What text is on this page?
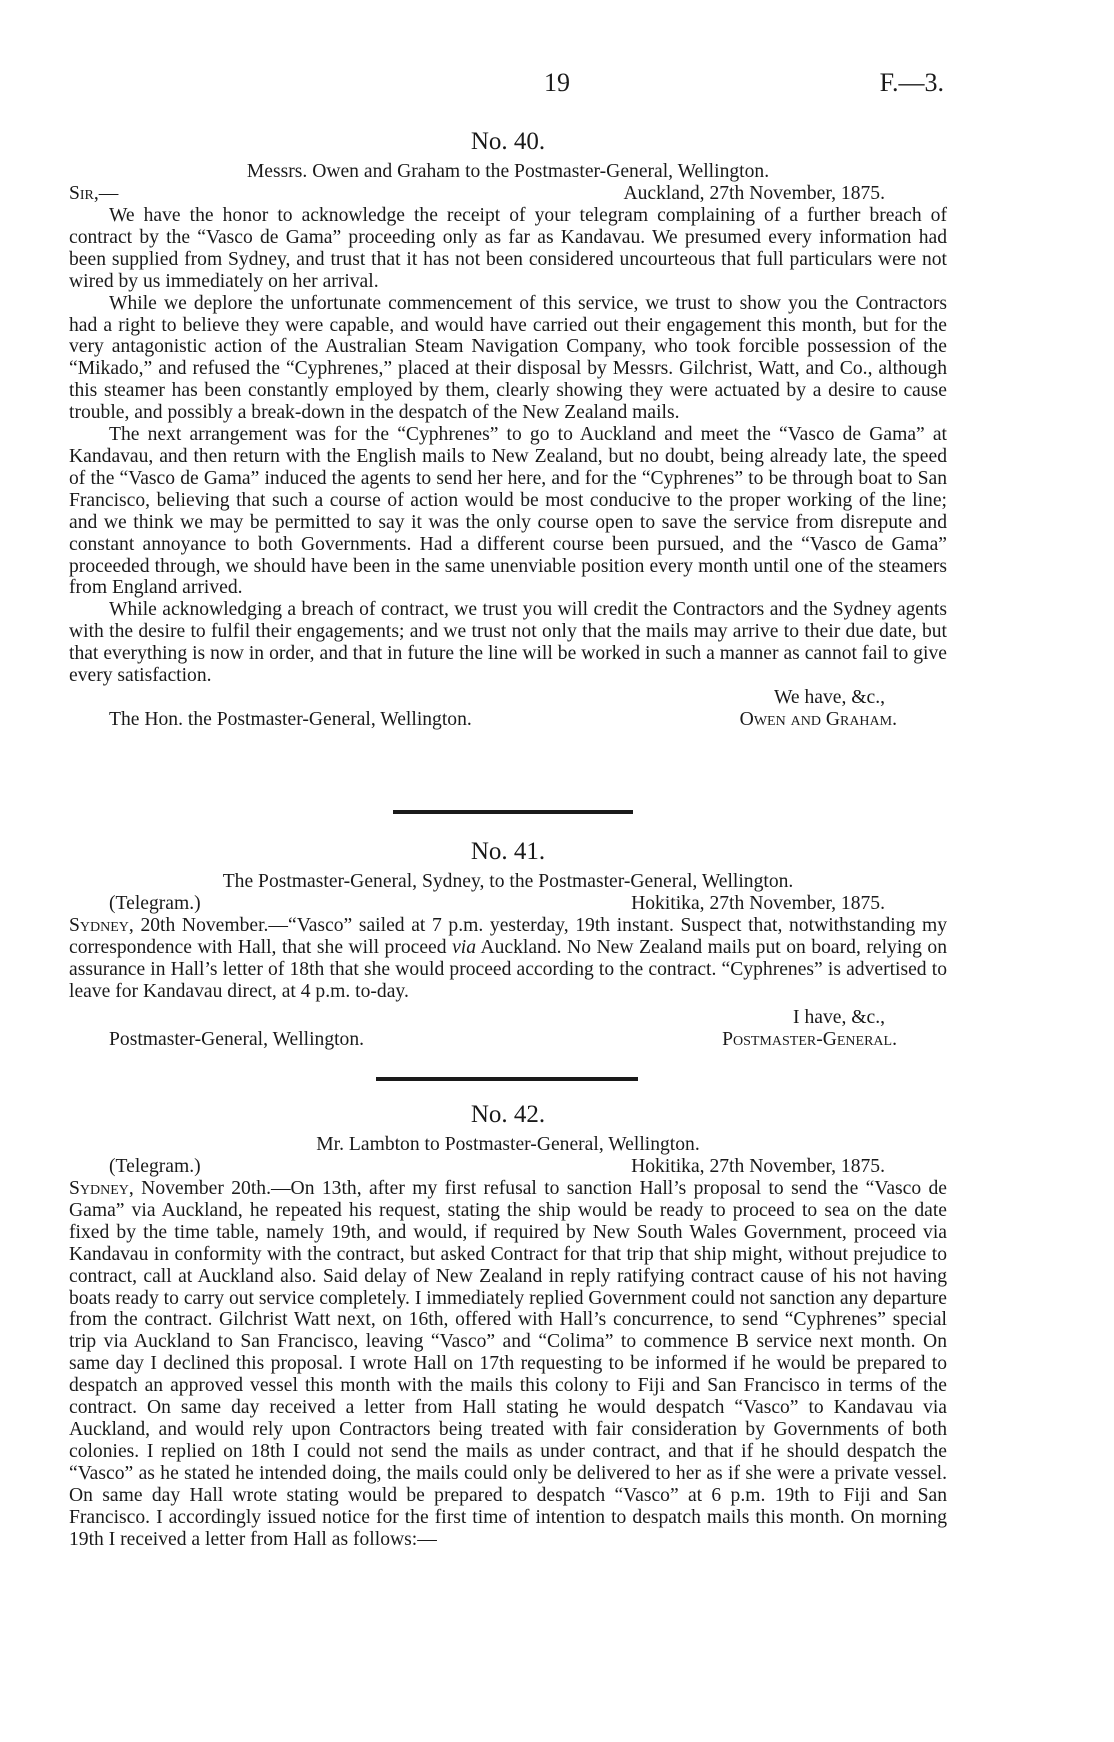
19	F.—3.
No. 40.
Messrs. Owen and Graham to the Postmaster-General, Wellington.
Sir,—	Auckland, 27th November, 1875.

We have the honor to acknowledge the receipt of your telegram complaining of a further breach of contract by the “Vasco de Gama” proceeding only as far as Kandavau. We presumed every information had been supplied from Sydney, and trust that it has not been considered uncourteous that full particulars were not wired by us immediately on her arrival.

While we deplore the unfortunate commencement of this service, we trust to show you the Contractors had a right to believe they were capable, and would have carried out their engagement this month, but for the very antagonistic action of the Australian Steam Navigation Company, who took forcible possession of the “Mikado,” and refused the “Cyphrenes,” placed at their disposal by Messrs. Gilchrist, Watt, and Co., although this steamer has been constantly employed by them, clearly showing they were actuated by a desire to cause trouble, and possibly a break-down in the despatch of the New Zealand mails.

The next arrangement was for the “Cyphrenes” to go to Auckland and meet the “Vasco de Gama” at Kandavau, and then return with the English mails to New Zealand, but no doubt, being already late, the speed of the “Vasco de Gama” induced the agents to send her here, and for the “Cyphrenes” to be through boat to San Francisco, believing that such a course of action would be most conducive to the proper working of the line; and we think we may be permitted to say it was the only course open to save the service from disrepute and constant annoyance to both Governments. Had a different course been pursued, and the “Vasco de Gama” proceeded through, we should have been in the same unenviable position every month until one of the steamers from England arrived.

While acknowledging a breach of contract, we trust you will credit the Contractors and the Sydney agents with the desire to fulfil their engagements; and we trust not only that the mails may arrive to their due date, but that everything is now in order, and that in future the line will be worked in such a manner as cannot fail to give every satisfaction.

We have, &c.,
The Hon. the Postmaster-General, Wellington.	Owen and Graham.
No. 41.
The Postmaster-General, Sydney, to the Postmaster-General, Wellington.
(Telegram.)	Hokitika, 27th November, 1875.

Sydney, 20th November.—“Vasco” sailed at 7 p.m. yesterday, 19th instant. Suspect that, notwithstanding my correspondence with Hall, that she will proceed via Auckland. No New Zealand mails put on board, relying on assurance in Hall’s letter of 18th that she would proceed according to the contract. “Cyphrenes” is advertised to leave for Kandavau direct, at 4 p.m. to-day.

I have, &c.,
Postmaster-General, Wellington.	Postmaster-General.
No. 42.
Mr. Lambton to Postmaster-General, Wellington.
(Telegram.)	Hokitika, 27th November, 1875.

Sydney, November 20th.—On 13th, after my first refusal to sanction Hall’s proposal to send the “Vasco de Gama” via Auckland, he repeated his request, stating the ship would be ready to proceed to sea on the date fixed by the time table, namely 19th, and would, if required by New South Wales Government, proceed via Kandavau in conformity with the contract, but asked Contract for that trip that ship might, without prejudice to contract, call at Auckland also. Said delay of New Zealand in reply ratifying contract cause of his not having boats ready to carry out service completely. I immediately replied Government could not sanction any departure from the contract. Gilchrist Watt next, on 16th, offered with Hall’s concurrence, to send “Cyphrenes” special trip via Auckland to San Francisco, leaving “Vasco” and “Colima” to commence B service next month. On same day I declined this proposal. I wrote Hall on 17th requesting to be informed if he would be prepared to despatch an approved vessel this month with the mails this colony to Fiji and San Francisco in terms of the contract. On same day received a letter from Hall stating he would despatch “Vasco” to Kandavau via Auckland, and would rely upon Contractors being treated with fair consideration by Governments of both colonies. I replied on 18th I could not send the mails as under contract, and that if he should despatch the “Vasco” as he stated he intended doing, the mails could only be delivered to her as if she were a private vessel. On same day Hall wrote stating would be prepared to despatch “Vasco” at 6 p.m. 19th to Fiji and San Francisco. I accordingly issued notice for the first time of intention to despatch mails this month. On morning 19th I received a letter from Hall as follows:—
